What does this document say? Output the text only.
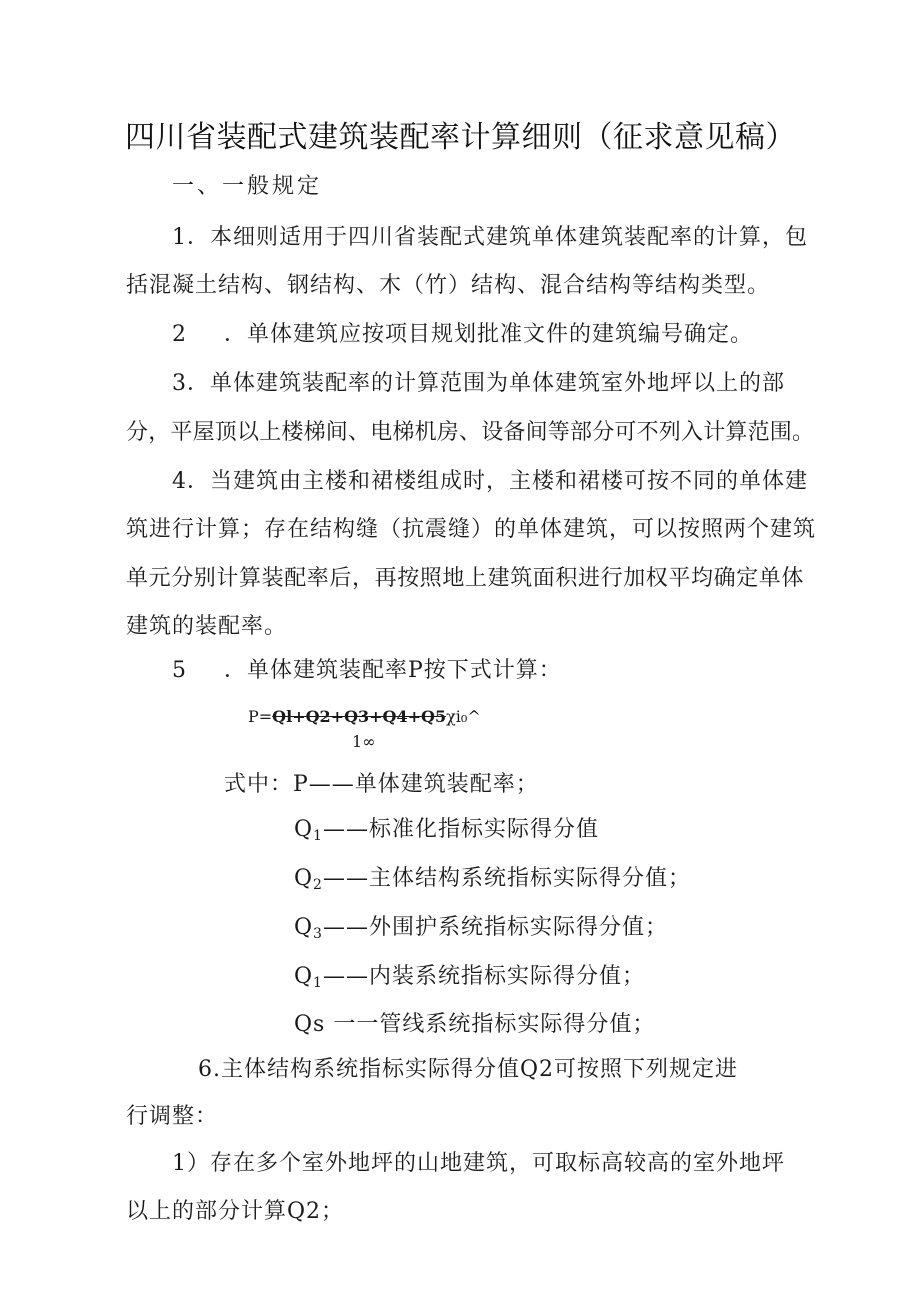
四川省装配式建筑装配率计算细则（征求意见稿）
一、一般规定
1．本细则适用于四川省装配式建筑单体建筑装配率的计算，包
括混凝土结构、钢结构、木（竹）结构、混合结构等结构类型。
2 ．单体建筑应按项目规划批准文件的建筑编号确定。
3．单体建筑装配率的计算范围为单体建筑室外地坪以上的部
分，平屋顶以上楼梯间、电梯机房、设备间等部分可不列入计算范围。
4．当建筑由主楼和裙楼组成时，主楼和裙楼可按不同的单体建
筑进行计算；存在结构缝（抗震缝）的单体建筑，可以按照两个建筑
单元分别计算装配率后，再按照地上建筑面积进行加权平均确定单体
建筑的装配率。
5 ．单体建筑装配率P按下式计算：
P=Ql+Q2+Q3+Q4+Q5χi₀^
1∞
式中：P——单体建筑装配率；
$Q_1——$标准化指标实际得分值
$Q_2——$主体结构系统指标实际得分值；
$Q_3——$外围护系统指标实际得分值；
$Q_1——$内装系统指标实际得分值；
Qs 一一管线系统指标实际得分值；
6.主体结构系统指标实际得分值Q2可按照下列规定进
行调整：
1）存在多个室外地坪的山地建筑，可取标高较高的室外地坪
以上的部分计算Q2；
